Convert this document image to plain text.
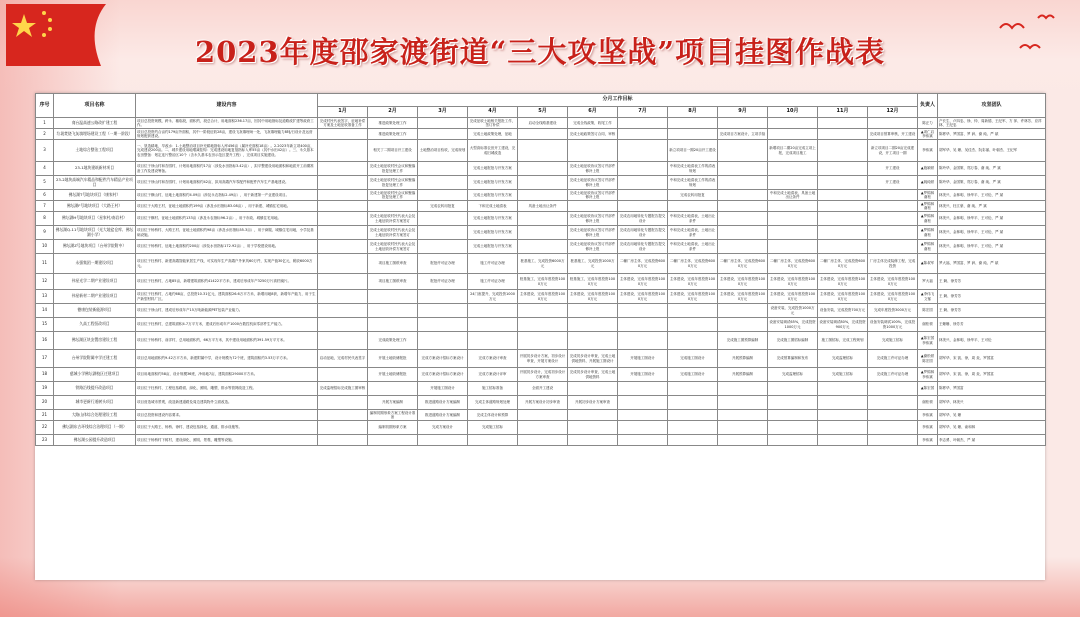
2023年度邵家渡街道“三大攻坚战”项目挂图作战表
序号	项目名称	建设内容	分月工作目标												负责人	攻坚团队
			1月	2月	3月	4月	5月	6月	7月	8月	9月	10月	11月	12月		
1	商台温高速公路改扩建工程	项目总投资规模，跨永、椒临段，面积约，段总合计，用地面积236.17亩，因其中用地指标及道路改扩建等政府工作。	完成村民代表签字，征地补偿方案及土地征收准备工作	推进政策处理工作		完成征收土地相关报批工作，签订补偿	启动全线路基建设	完成全线政策，收尾工作							陈正力	产长生、卢四忠、徐、仲、周新德、王纪军、方 萍、许林芳、应祥林、王纪忠
2	垃圾焚烧飞灰填埋场建设工程（一期一阶段）	项目总投资约合亩约179亩外面积，其中一阶段征收28亩，建设飞灰填埋场一处，飞灰填埋能力8吨/日设计及运营规划配套建设。		推进政策处理工作		完成土地政策处理，征地		完成土地政策签订合同，审核			完成项目方案设计，立项手续			完成项目预算审核，开工建设	▲项仁启 李伟斌	陈彬华、罗国富、罗 润、谢 纯、严 斌
3	土地综合整治工程项目	一、垦造耕地，早改水：1.土地整治项目补充耕地指标入库456亩（属补充面积18亩）。2.2023年新立项400亩，完成建设200亩。二、城乡建设用地增减挂钩：完成建设用地复垦指标入库55亩（其中水田42亩）。三、永久基本农田整备：划定连片整治区10个（含永久基本农田示范区提升工程），完成项目实施建设。		相关丁二期项目开工建设	土地整治项目验收，完成规划	大型高标准农田开工建设，完成旧城改造				新立项项目一期20亩开工建设		新增项目二期20亩完成立项上报，完成项目施工		新立项项目二期20亩完成建设，开工项目一期	李伟斌	胡军华、吴 姗、吴佳杰、阮彩丽、叶朝杰、王纪军
4	23-1地块建筑新材项目	项目位于徐山村和杏园村，计划用地面积约17亩（涉及水田指标3.42亩），拟平整建设用地面积和地质开工前期准备工作及建设筹备。		完成土地征收村民会议和聚落批复处理工作		完成土地报批与开发方案		完成土地征收协议签订并部件修补上报		中和完成土地清表工作的清表规划				开工建设	▲施颖顿	陈玲华、金国策、郑万春、谢 纯、严 斌
5	23-2地块高端汽车精品和配件汽车精品产业项目	项目位于徐山村和杏园村，计划用地面积约42亩，拟用高端汽车零配件和配件汽车生产基地建设。		完成土地征收村民会议和聚落批复处理工作		完成土地报批与开发方案		完成土地征收协议签订并部件修补上报		中和完成土地清表工作的清表规划				开工建设	▲姚纯顿	陈玲华、金国策、郑万春、谢 纯、严 斌
6	佛坛湖T号地块项目（康家村）	项目位于横山村，征地土地面积约4.09亩（涉及永农指标2.49亩），用于新建第一产业建设项目。		完成土地征收村民会议和聚落批复处理工作		完成土地报批与开发方案		完成土地征收协议签订并部件修补上报		完成农转用批复		中和完成土地清表，具备土地出让条件			▲罗锦林 谢松	林美兴、金林明、徐华平、王可伦、严 斌
7	佛坛湖F号地块项目（大路王村）	项目位于大路王村，征地土地面积约199亩（涉及水田指标83.08亩），用于新建、城镇住宅用地。			完成农转用批复	下和完成土地清表	具备土地出让条件								▲罗锦林 谢松	林美兴、杜江豪、谢 纯、严 斌
8	佛坛湖H号地块项目（星家村/南岩村）	项目位于横村、征地土地面积约133亩（涉及永农指标96.2亩），用于市政、城镇住宅用地。		完成土地征收村民代表大会及土地征收补偿方案签订		完成土地报批与开发方案		完成土地征收协议签订并部件修补上报	完成农用地转化专题报告提交设计	中和完成土地清表，土地出让条件					▲罗锦林 谢松	林美兴、金林明、徐华平、王可伦、严 斌
9	佛坛湖Q-11号地块项目（光大地盆仓库、佛坛湖小学）	项目位于杨桥村、大路王村、征地土地面积约98亩（涉及水田指标55.3亩），用于商服、城镇住宅用地，小学及基础设施。		完成土地征收村民代表大会及土地征收补偿方案签订		完成土地报批与开发方案		完成土地征收协议签订并部件修补上报	完成农用地转化专题报告提交设计	中和完成土地清表，土地出让条件					▲罗锦林 谢松	林美兴、金林明、徐华平、王可伦、严 斌
10	佛坛湖Z号地块项目（台州学院附中）	项目位于杨桥村，征地土地面积约200亩（涉及水田指标172.92亩），用于学校建设用地。		完成土地征收村民代表大会及土地征收补偿方案签订		完成土地报批与开发方案		完成土地征收协议签订并部件修补上报	完成农用地转化专题报告提交设计	中和完成土地清表，土地出让条件					▲罗锦林 谢松	林美兴、金林明、徐华平、王可伦、严 斌
11	永强集团一期建设项目	项目位于杜桥村、新建高端智能家居生产线，可实现年生产高端户外家具60万件，实现产值30亿元，税收6000万元。		项目施工图纸审查	报批许可证办理	施工许可证办理	桩基施工，完成投资6000万元	桩基施工，完成投资1000万元	二幢厂房主体，完成投资6000万元	二幢厂房主体，完成投资6000万元	二幢厂房主体，完成投资6000万元	二幢厂房主体，完成投资6000万元	二幢厂房主体，完成投资6000万元	厂房主体完成装修工程，完成投资	▲陈叔军	罗大福、罗国富、罗 润、谢 纯、严 斌
12	伟星光学二期产业建设项目	项目位于杜桥村，占地85亩，新增建筑面积约41422平方米，建成后形成年产3250万片高档镜片。		项目施工图纸审查	报批许可证办理	施工许可证办理	桩基施工，完成年度投资1000万元	桩基施工，完成年度投资1000万元	主体建设，完成年度投资1000万元	主体建设，完成年度投资1000万元	主体建设，完成年度投资1000万元	主体建设，完成年度投资1000万元	主体建设，完成年度投资1000万元	主体建设，完成年度投资1000万元	罗大福	王 婀、徐芳芳
13	伟星新材二期产业建设项目	项目位于杜桥村，占地约68亩，总投资10.31亿元，建筑面积26.6万平方米，新增用地8套，新增年产能力，用于生产新型材料厂区。				24门座提升，完成投资1000万元	主体建设，完成年度投资1000万元	主体建设，完成年度投资1000万元	主体建设，完成年度投资1000万元	主体建设，完成年度投资1000万元	主体建设，完成年度投资1000万元	主体建设，完成年度投资1000万元	主体建设，完成年度投资1000万元	主体建设，完成年度投资1000万元	▲李伟飞 文郁	王 婀、徐芳芳
14	德康包装新能源项目	项目位于徐山村，建成后形成年产15万吨新能源PET包装产业能力。										设备安装，完成投资1000万元	设备安装，完成投资700万元	完成年度投资3000万元	陈宏国	王 婀、徐芳芳
15	久高工程恒改项目	项目位于杜桥村，总建筑面积4.7万平方米，建成后形成年产1000台数控机床零部件生产能力。										设备安装调试65%，完成投资1000万元	设备安装调试80%，完成投资900万元	设备安装调试100%，完成投资1000万元	谢松顿	王姗姗、徐芳芳
16	佛坛湖区块安置房建设工程	项目位于杨桥村、前洋村，总用地面积约，66万平方米，其中建设用地面积约391.59万平方米。		完成政策处理工作							完成施工图预算编制	完成施工图招标编制	施工图招标，完成工程规划	完成施工招标	▲陈宏国 李伟斌	林美兴、金林明、徐华平、王可伦
17	台州学院附属中学迁建工程	项目总用地面积约9.42万平方米，新建附属中学，设计规模为72个班，建筑面积约3.53万平方米。	启动征地，完成村民代表签字	开展土地收储报批	完成方案设计招标方案设计	完成方案设计审查	开展初步设计方案，初步设计审查，开展方案设计	完成初步设计审查，完成土地供地资料，开展施工图设计	开展施工图设计	完成施工图设计	开展预算编制	完成预算编制和发布	完成监理招标	完成施工许可证办理	▲谢松顿 陈宏国	胡军华、宋 凯、徐，周 炎、罗国富
18	慈城小学佛坛湖校区迁建项目	项目用地面积约58亩，设计规模36班，净用地7亩，建筑面积29000平方米。		开展土地收储报批	完成方案设计招标方案设计	完成方案设计评审	开展初步设计，完成初步设计方案审查	完成初步设计审查，完成土地供地资料	开展施工图设计	完成施工图设计	开展预算编制	完成监理招标	完成施工招标	完成施工许可证办理	▲罗锦林 李伟斌	胡军华、宋 凯、徐，周 炎、罗国富
19	铁路沿线提升改造项目	项目位于杜桥村、工程包括路面、绿化、照明、雕塑、排水等管网改造工程。	完成监理招标完成施工图审核		开展施工图设计	施工招标准备	全面开工建设								▲陈宏国	陈彬华、罗国富
20	城市更新行道树头项目	项目营造城市景观，改造新建道路及周边建筑物外立面改造。		开展方案编制	推进道路设计方案编制	完成主体道路规划处理	开展方案设计初步审查	开展初步设计方案审查							谢松顿	胡军华、林美兴
21	大路山体综合处理建设工程	项目总投资和建设内容要求。		编制初期形象方案工程设计准备	推进道路设计方案编制	完成主体设计和预算									李伟斌	胡军华、吴 姗
22	佛坛湖东古环线综合治理项目（一期）	项目位于大路王、杨桥、徐村、建设包括绿化、通道、排水设施等。		编制初期形象方案	完成方案设计	完成施工招标									李伟斌	胡军华、吴 姗、俞和林
23	佛坛湖公园提升改造项目	项目位于杨桥村下树村，建设绿化、照明、景观、雕塑等设施。													李伟斌	李志勇、叶朝杰、严 斌
